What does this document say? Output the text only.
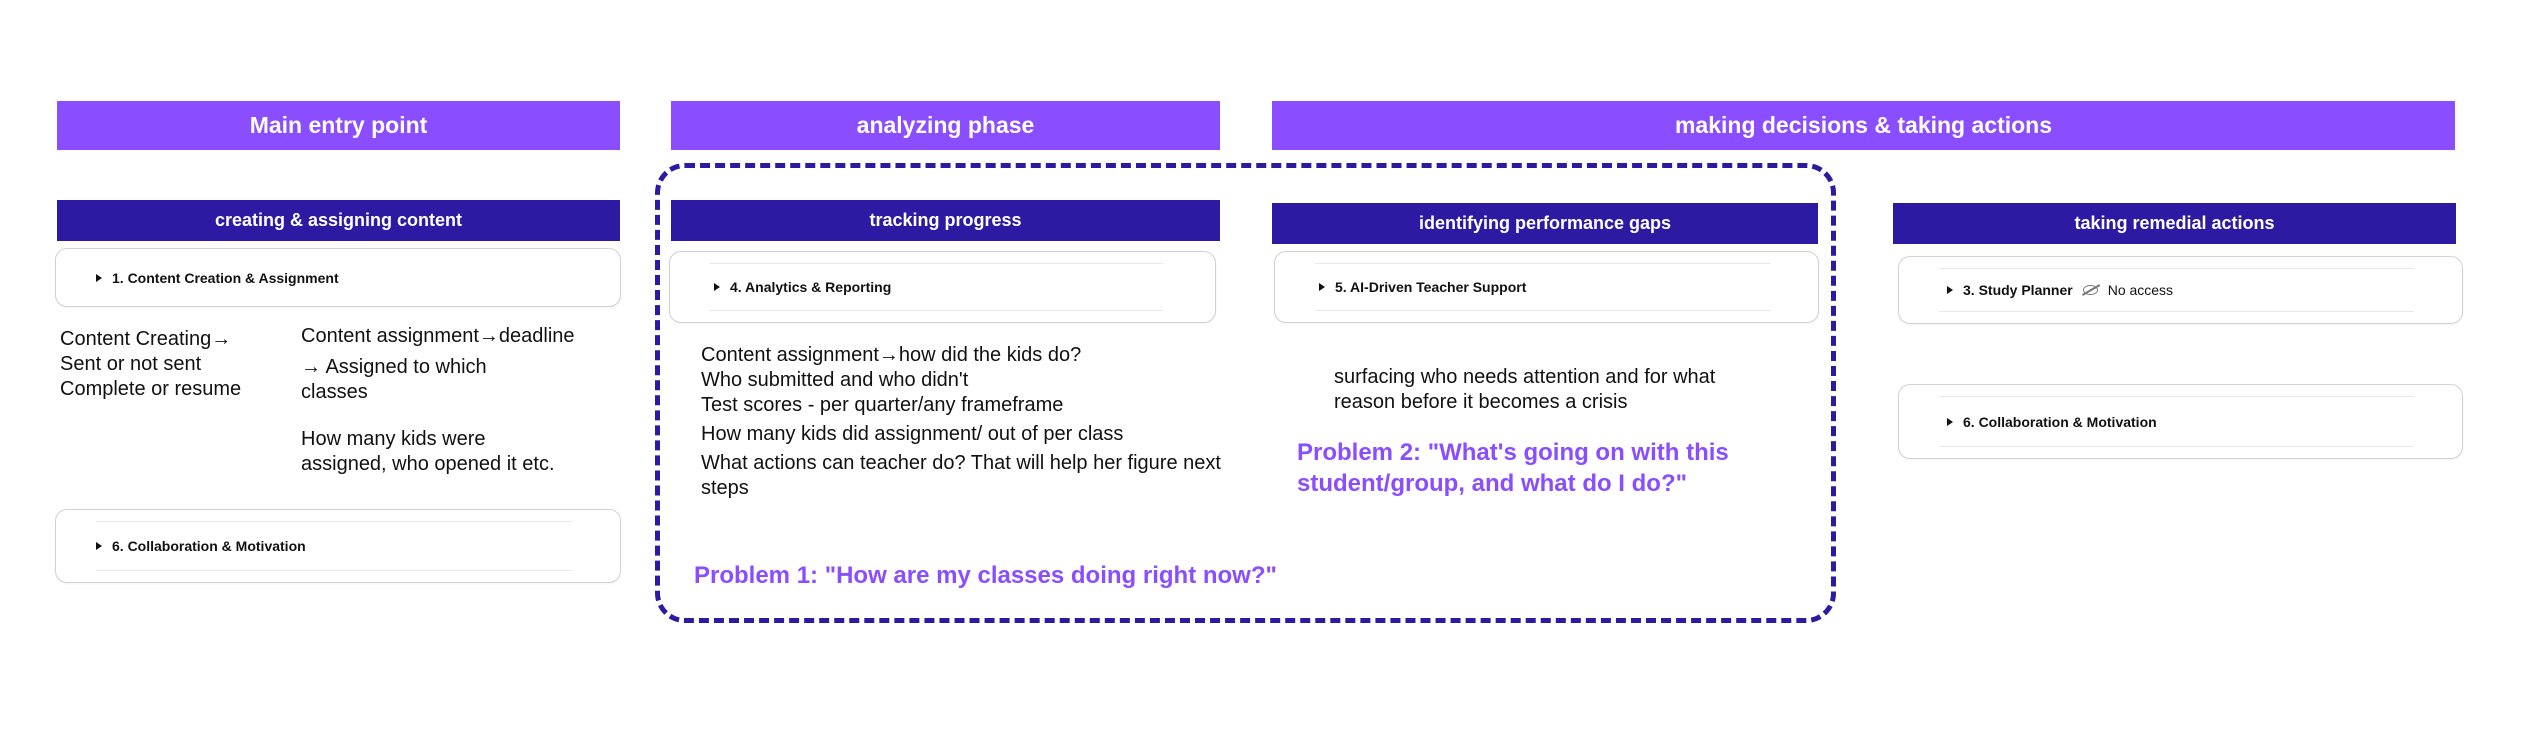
Main entry point	analyzing phase	making decisions & taking actions
creating & assigning content	tracking progress	identifying performance gaps	taking remedial actions
1. Content Creation & Assignment
6. Collaboration & Motivation
4. Analytics & Reporting	5. AI-Driven Teacher Support	3. Study Planner	No access
6. Collaboration & Motivation
Content Creating→
Sent or not sent
Complete or resume
Content assignment→deadline
→ Assigned to which
classes
How many kids were
assigned, who opened it etc.
Content assignment→how did the kids do?
Who submitted and who didn't
Test scores - per quarter/any frameframe
How many kids did assignment/ out of per class
What actions can teacher do? That will help her figure next
steps
surfacing who needs attention and for what
reason before it becomes a crisis
Problem 1: "How are my classes doing right now?"
Problem 2: "What's going on with this
student/group, and what do I do?"
